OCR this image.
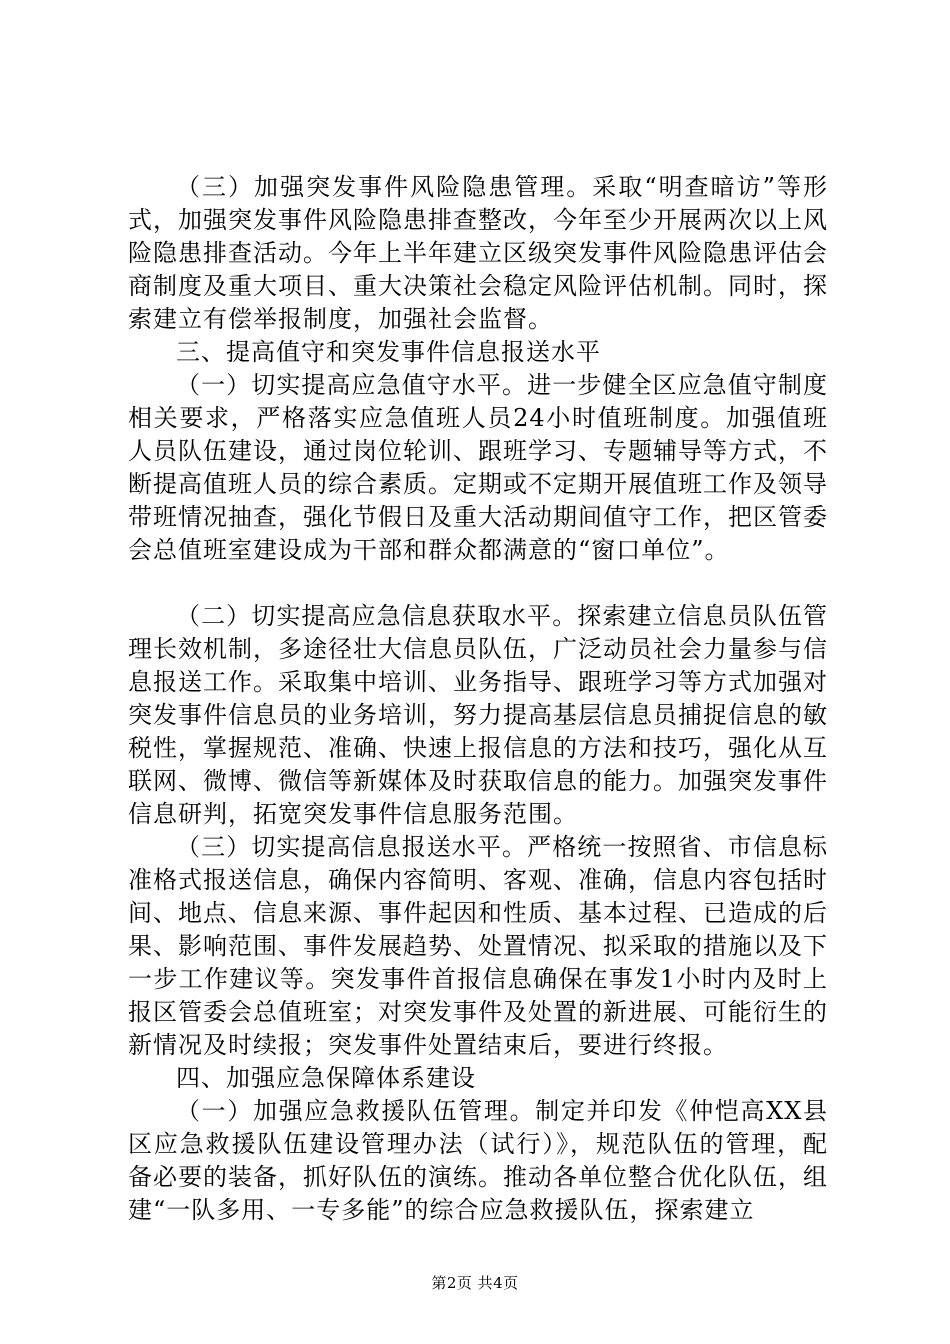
（三）加强突发事件风险隐患管理。采取“明查暗访”等形式，加强突发事件风险隐患排查整改，今年至少开展两次以上风险隐患排查活动。今年上半年建立区级突发事件风险隐患评估会商制度及重大项目、重大决策社会稳定风险评估机制。同时，探索建立有偿举报制度，加强社会监督。

三、提高值守和突发事件信息报送水平

（一）切实提高应急值守水平。进一步健全区应急值守制度相关要求，严格落实应急值班人员24小时值班制度。加强值班人员队伍建设，通过岗位轮训、跟班学习、专题辅导等方式，不断提高值班人员的综合素质。定期或不定期开展值班工作及领导带班情况抽查，强化节假日及重大活动期间值守工作，把区管委会总值班室建设成为干部和群众都满意的“窗口单位”。

（二）切实提高应急信息获取水平。探索建立信息员队伍管理长效机制，多途径壮大信息员队伍，广泛动员社会力量参与信息报送工作。采取集中培训、业务指导、跟班学习等方式加强对突发事件信息员的业务培训，努力提高基层信息员捕捉信息的敏税性，掌握规范、准确、快速上报信息的方法和技巧，强化从互联网、微博、微信等新媒体及时获取信息的能力。加强突发事件信息研判，拓宽突发事件信息服务范围。

（三）切实提高信息报送水平。严格统一按照省、市信息标准格式报送信息，确保内容简明、客观、准确，信息内容包括时间、地点、信息来源、事件起因和性质、基本过程、已造成的后果、影响范围、事件发展趋势、处置情况、拟采取的措施以及下一步工作建议等。突发事件首报信息确保在事发1小时内及时上报区管委会总值班室；对突发事件及处置的新进展、可能衍生的新情况及时续报；突发事件处置结束后，要进行终报。

四、加强应急保障体系建设

（一）加强应急救援队伍管理。制定并印发《仲恺高XX县区应急救援队伍建设管理办法（试行）》，规范队伍的管理，配备必要的装备，抓好队伍的演练。推动各单位整合优化队伍，组建“一队多用、一专多能”的综合应急救援队伍，探索建立

第2页 共4页
